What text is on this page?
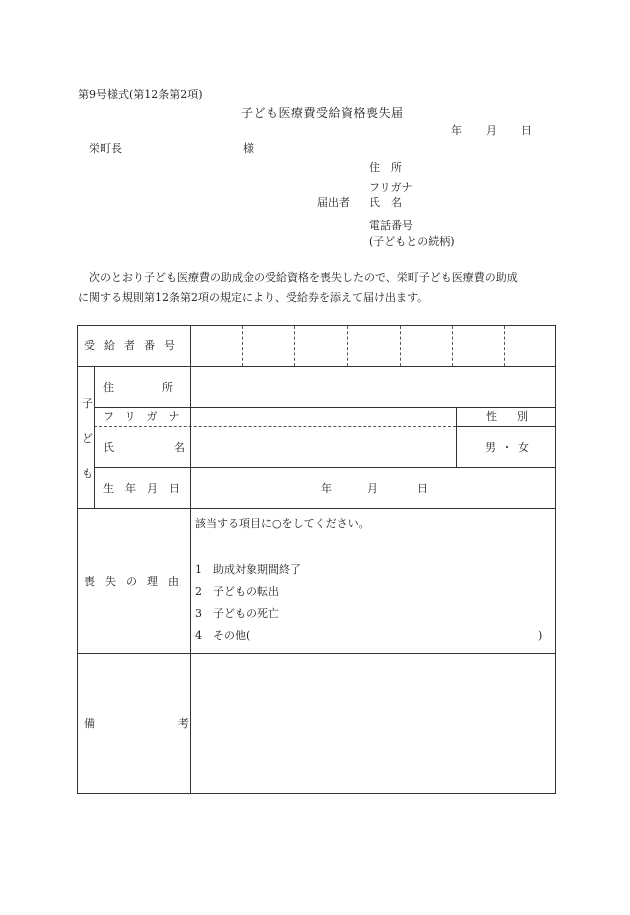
第9号様式(第12条第2項)
子ども医療費受給資格喪失届
年 月 日
栄町長	様
住　所
フリガナ
届出者 氏　名
電話番号
(子どもとの続柄)
次のとおり子ども医療費の助成金の受給資格を喪失したので、栄町子ども医療費の助成
に関する規則第12条第2項の規定により、受給券を添えて届け出ます。
受給者番号
子
ど
も
住所
フリガナ	性別
氏名	男 ・ 女
生年月日	年	月	日
喪失の理由
該当する項目に○をしてください。
1　助成対象期間終了
2　子どもの転出
3　子どもの死亡
4　その他(	)
備考
